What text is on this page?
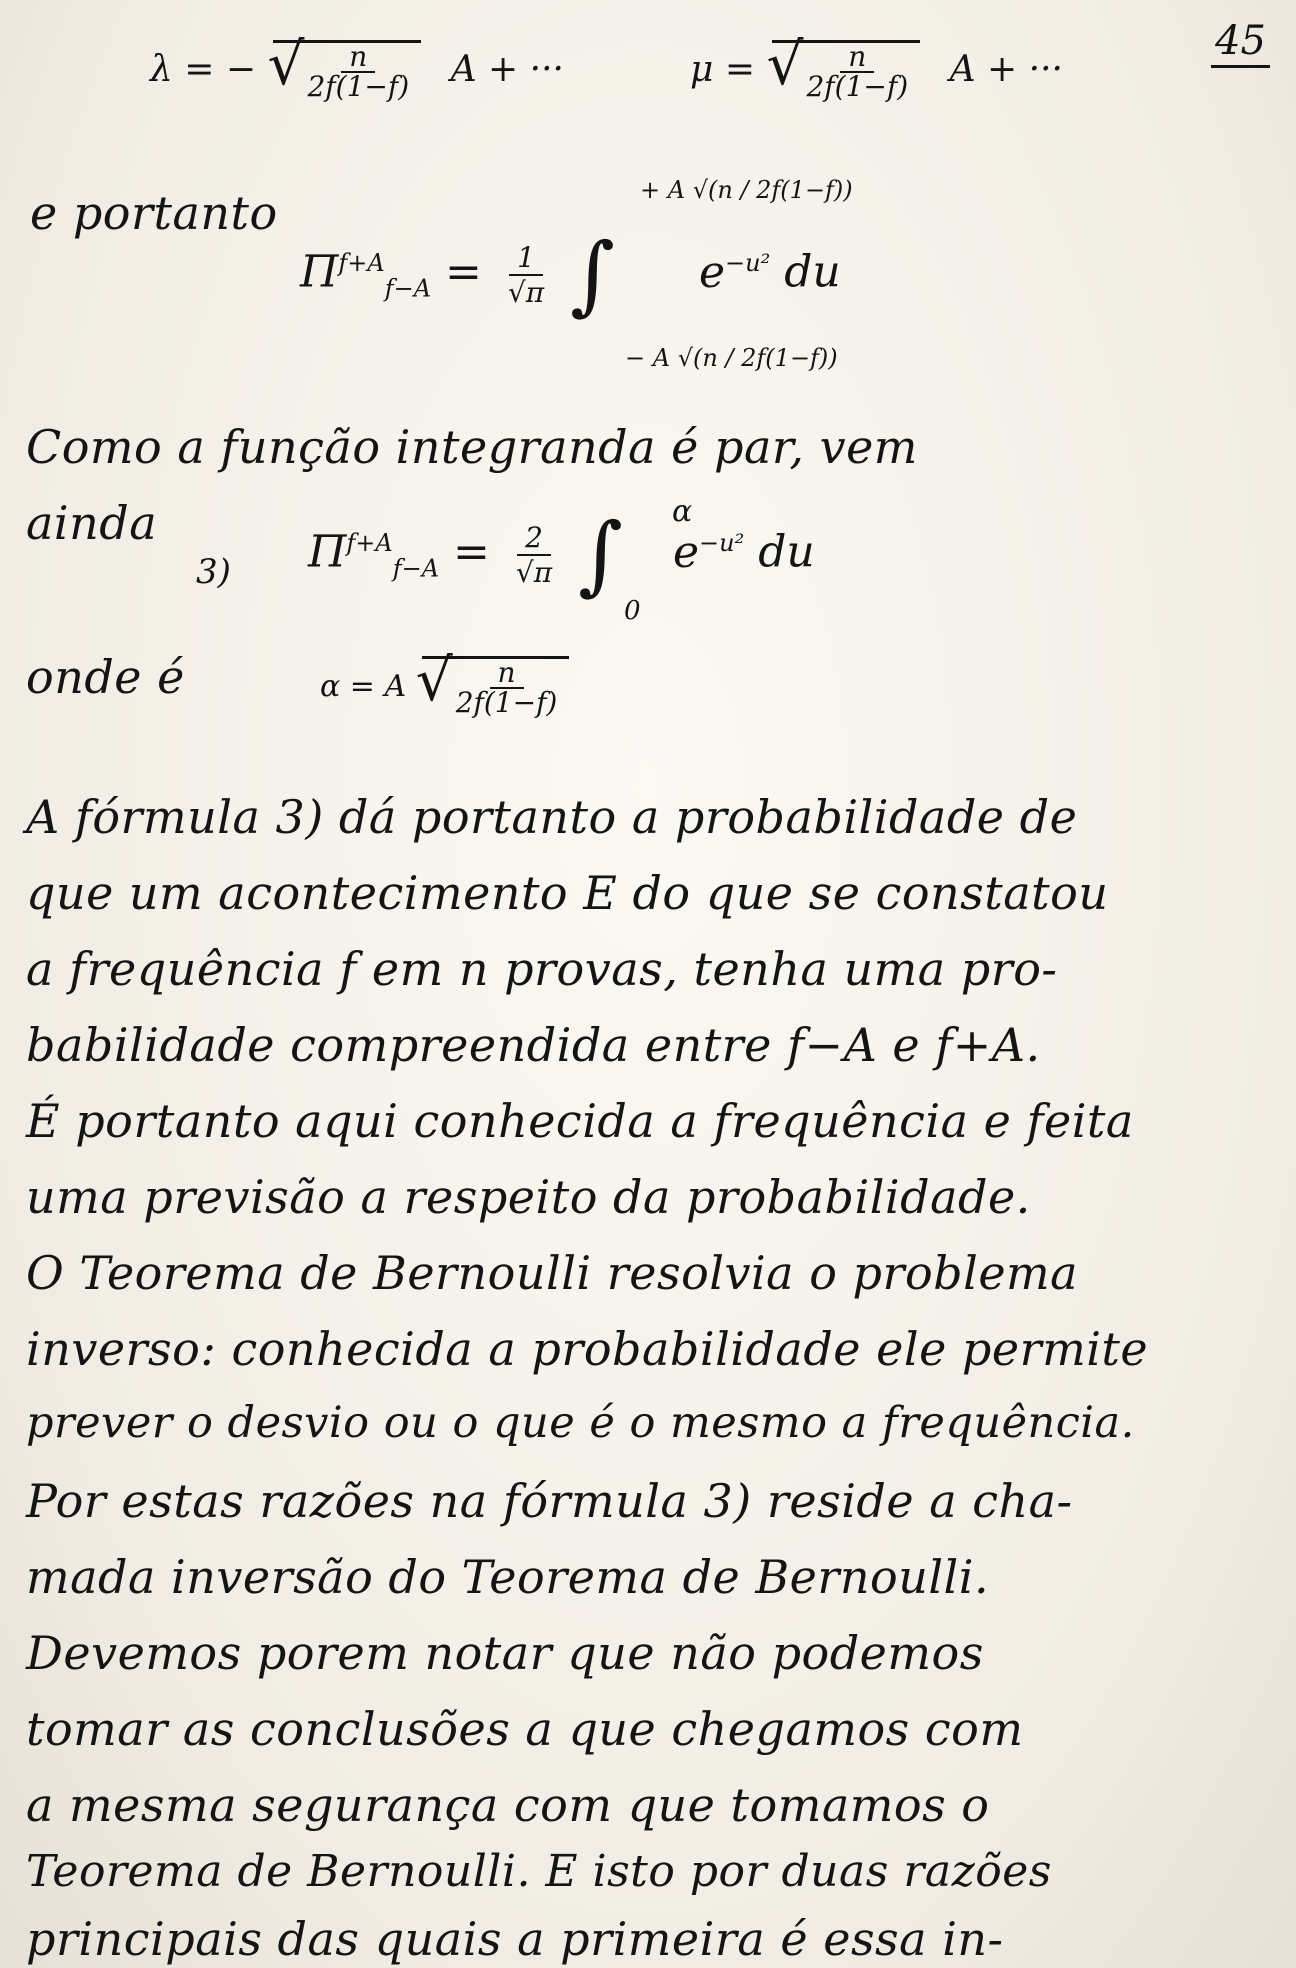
45
λ = − √ $\frac{n}{2f(1-f)}$ A + ···	μ = √ $\frac{n}{2f(1-f)}$ A + ···
e portanto	+ A √(n / 2f(1−f))
$\Pi^{f+A}_{f-A} = \frac{1}{√\pi}$ ∫ $e^{-u^2}$ du
− A √(n / 2f(1−f))
Como a função integranda é par, vem
ainda
3) $\Pi^{f+A}_{f-A} = \frac{2}{√\pi}$ ∫ $e^{-u^2}$ du
α
0
onde é	α = A √ $\frac{n}{2f(1-f)}$
A fórmula 3) dá portanto a probabilidade de
que um acontecimento E do que se constatou
a frequência f em n provas, tenha uma pro-
babilidade compreendida entre f−A e f+A.
É portanto aqui conhecida a frequência e feita
uma previsão a respeito da probabilidade.
O Teorema de Bernoulli resolvia o problema
inverso: conhecida a probabilidade ele permite
prever o desvio ou o que é o mesmo a frequência.
Por estas razões na fórmula 3) reside a cha-
mada inversão do Teorema de Bernoulli.
Devemos porem notar que não podemos
tomar as conclusões a que chegamos com
a mesma segurança com que tomamos o
Teorema de Bernoulli. E isto por duas razões
principais das quais a primeira é essa in-
